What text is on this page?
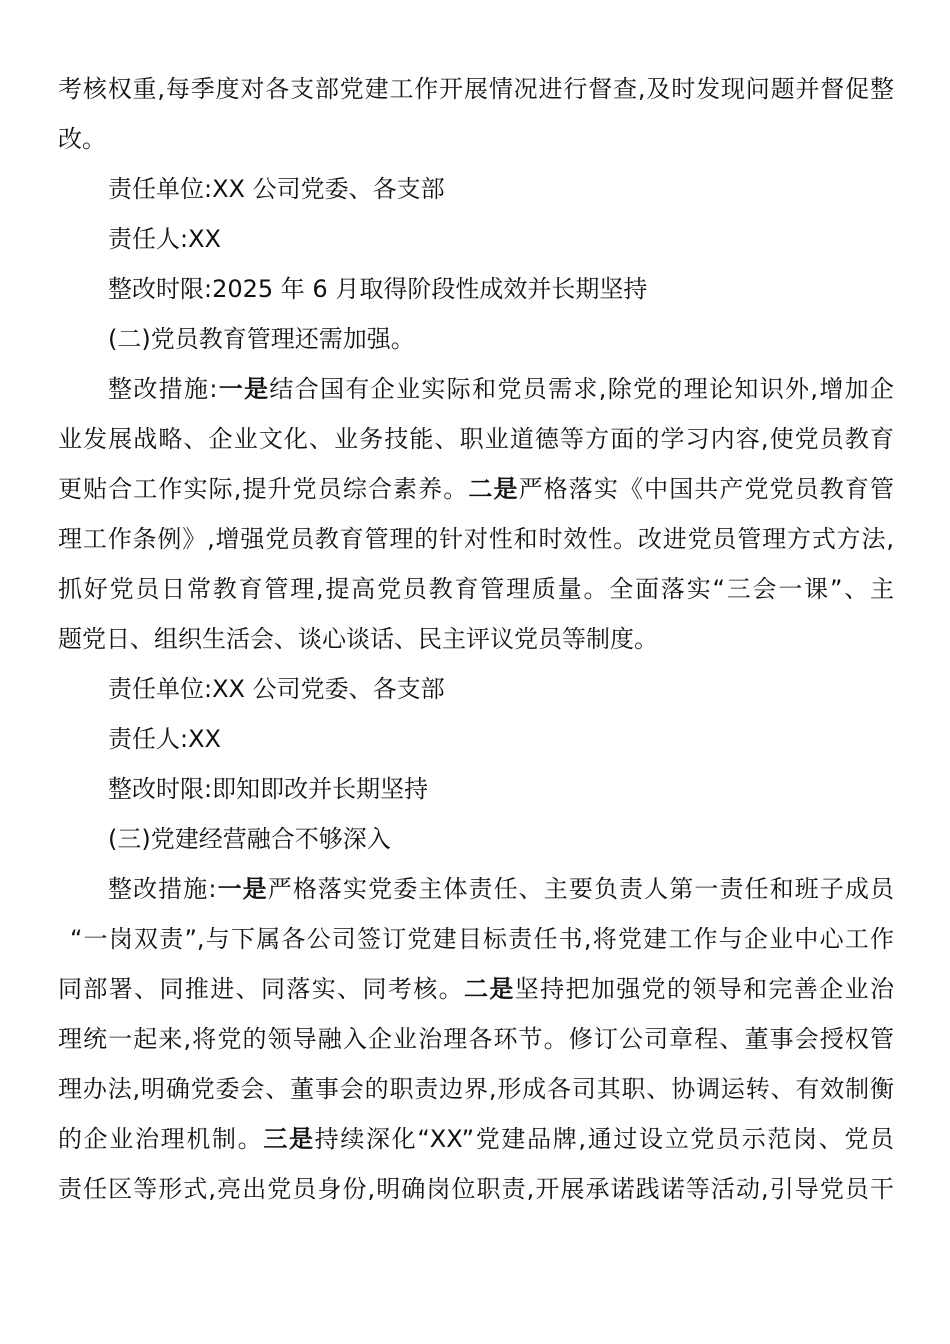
考核权重,每季度对各支部党建工作开展情况进行督查,及时发现问题并督促整
改。
责任单位:XX 公司党委、各支部
责任人:XX
整改时限:2025 年 6 月取得阶段性成效并长期坚持
(二)党员教育管理还需加强。
整改措施:一是结合国有企业实际和党员需求,除党的理论知识外,增加企
业发展战略、企业文化、业务技能、职业道德等方面的学习内容,使党员教育
更贴合工作实际,提升党员综合素养。二是严格落实《中国共产党党员教育管
理工作条例》,增强党员教育管理的针对性和时效性。改进党员管理方式方法,
抓好党员日常教育管理,提高党员教育管理质量。全面落实“三会一课”、主
题党日、组织生活会、谈心谈话、民主评议党员等制度。
责任单位:XX 公司党委、各支部
责任人:XX
整改时限:即知即改并长期坚持
(三)党建经营融合不够深入
整改措施:一是严格落实党委主体责任、主要负责人第一责任和班子成员
“一岗双责”,与下属各公司签订党建目标责任书,将党建工作与企业中心工作
同部署、同推进、同落实、同考核。二是坚持把加强党的领导和完善企业治
理统一起来,将党的领导融入企业治理各环节。修订公司章程、董事会授权管
理办法,明确党委会、董事会的职责边界,形成各司其职、协调运转、有效制衡
的企业治理机制。三是持续深化“XX”党建品牌,通过设立党员示范岗、党员
责任区等形式,亮出党员身份,明确岗位职责,开展承诺践诺等活动,引导党员干
